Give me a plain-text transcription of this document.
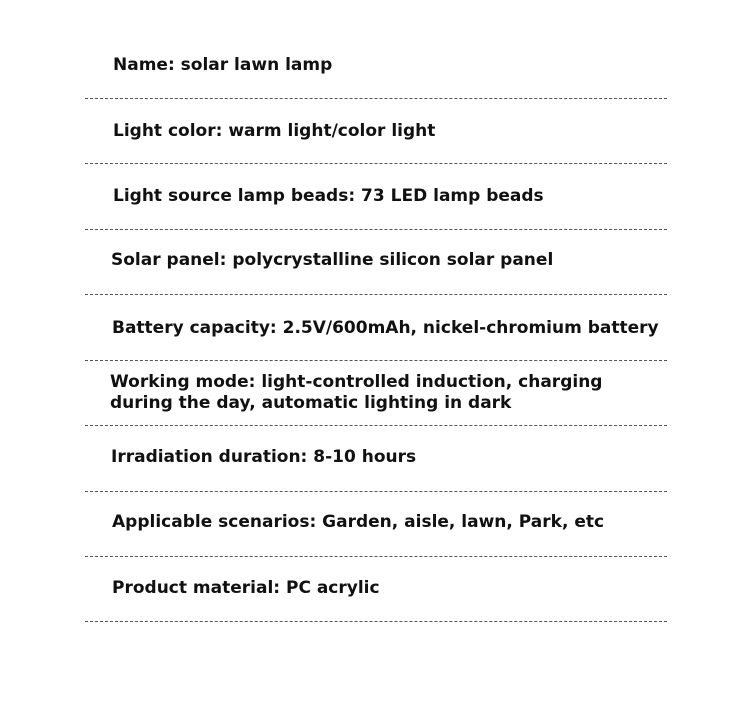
Name: solar lawn lamp

Light color: warm light/color light

Light source lamp beads: 73 LED lamp beads

Solar panel: polycrystalline silicon solar panel

Battery capacity: 2.5V/600mAh, nickel-chromium battery

Working mode: light-controlled induction, charging during the day, automatic lighting in dark

Irradiation duration: 8-10 hours

Applicable scenarios: Garden, aisle, lawn, Park, etc

Product material: PC acrylic
